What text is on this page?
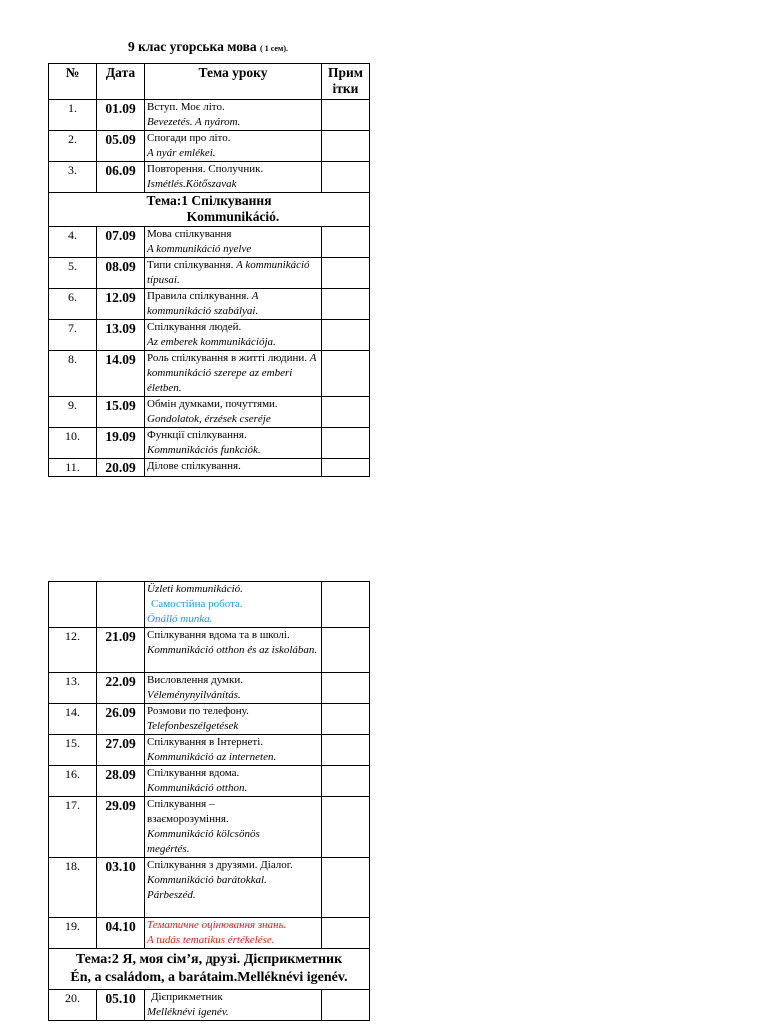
9 клас угорська мова ( 1 сем).
№	Дата	Тема уроку	Прим
ітки

1.	01.09	Вступ. Моє літо.
Bevezetés. A nyárom.	

2.	05.09	Спогади про літо.
A nyár emlékei.	

3.	06.09	Повторення. Сполучник.
Ismétlés.Kötőszavak	

Тема:1 Спілкування
Kommunikáció.			

4.	07.09	Мова спілкування
A kommunikáció nyelve	

5.	08.09	Типи спілкування. A kommunikáció típusai.	
6.	12.09	Правила спілкування. A kommunikáció szabályai.	
7.	13.09	Спілкування людей.
Az emberek kommunikációja.	

8.	14.09	Роль спілкування в житті людини. A kommunikáció szerepe az emberi életben.	
9.	15.09	Обмін думками, почуттями.
Gondolatok, érzések cseréje	

10.	19.09	Функції спілкування.
Kommunikációs funkciók.	

11.	20.09	Ділове спілкування.	

		Üzleti kommunikáció.
Самостійна робота.
Önálló munka.	

12.	21.09	Спілкування вдома та в школі.
Kommunikáció otthon és az iskolában.	

13.	22.09	Висловлення думки.
Véleménynyilvánítás.	

14.	26.09	Розмови по телефону.
Telefonbeszélgetések	

15.	27.09	Спілкування в Інтернеті.
Kommunikáció az interneten.	

16.	28.09	Спілкування вдома.
Kommunikáció otthon.	

17.	29.09	Спілкування – взаєморозуміння.
Kommunikáció kölcsönös megértés.	

18.	03.10	Спілкування з друзями. Діалог.
Kommunikáció barátokkal. Párbeszéd.	

19.	04.10	Тематичне оцінювання знань.
A tudás tematikus értékelése.	

Тема:2 Я, моя сім’я, друзі. Дієприкметник
Én, a családom, a barátaim.Melléknévi igenév.			

20.	05.10	Дієприкметник
Melléknévi igenév.	
